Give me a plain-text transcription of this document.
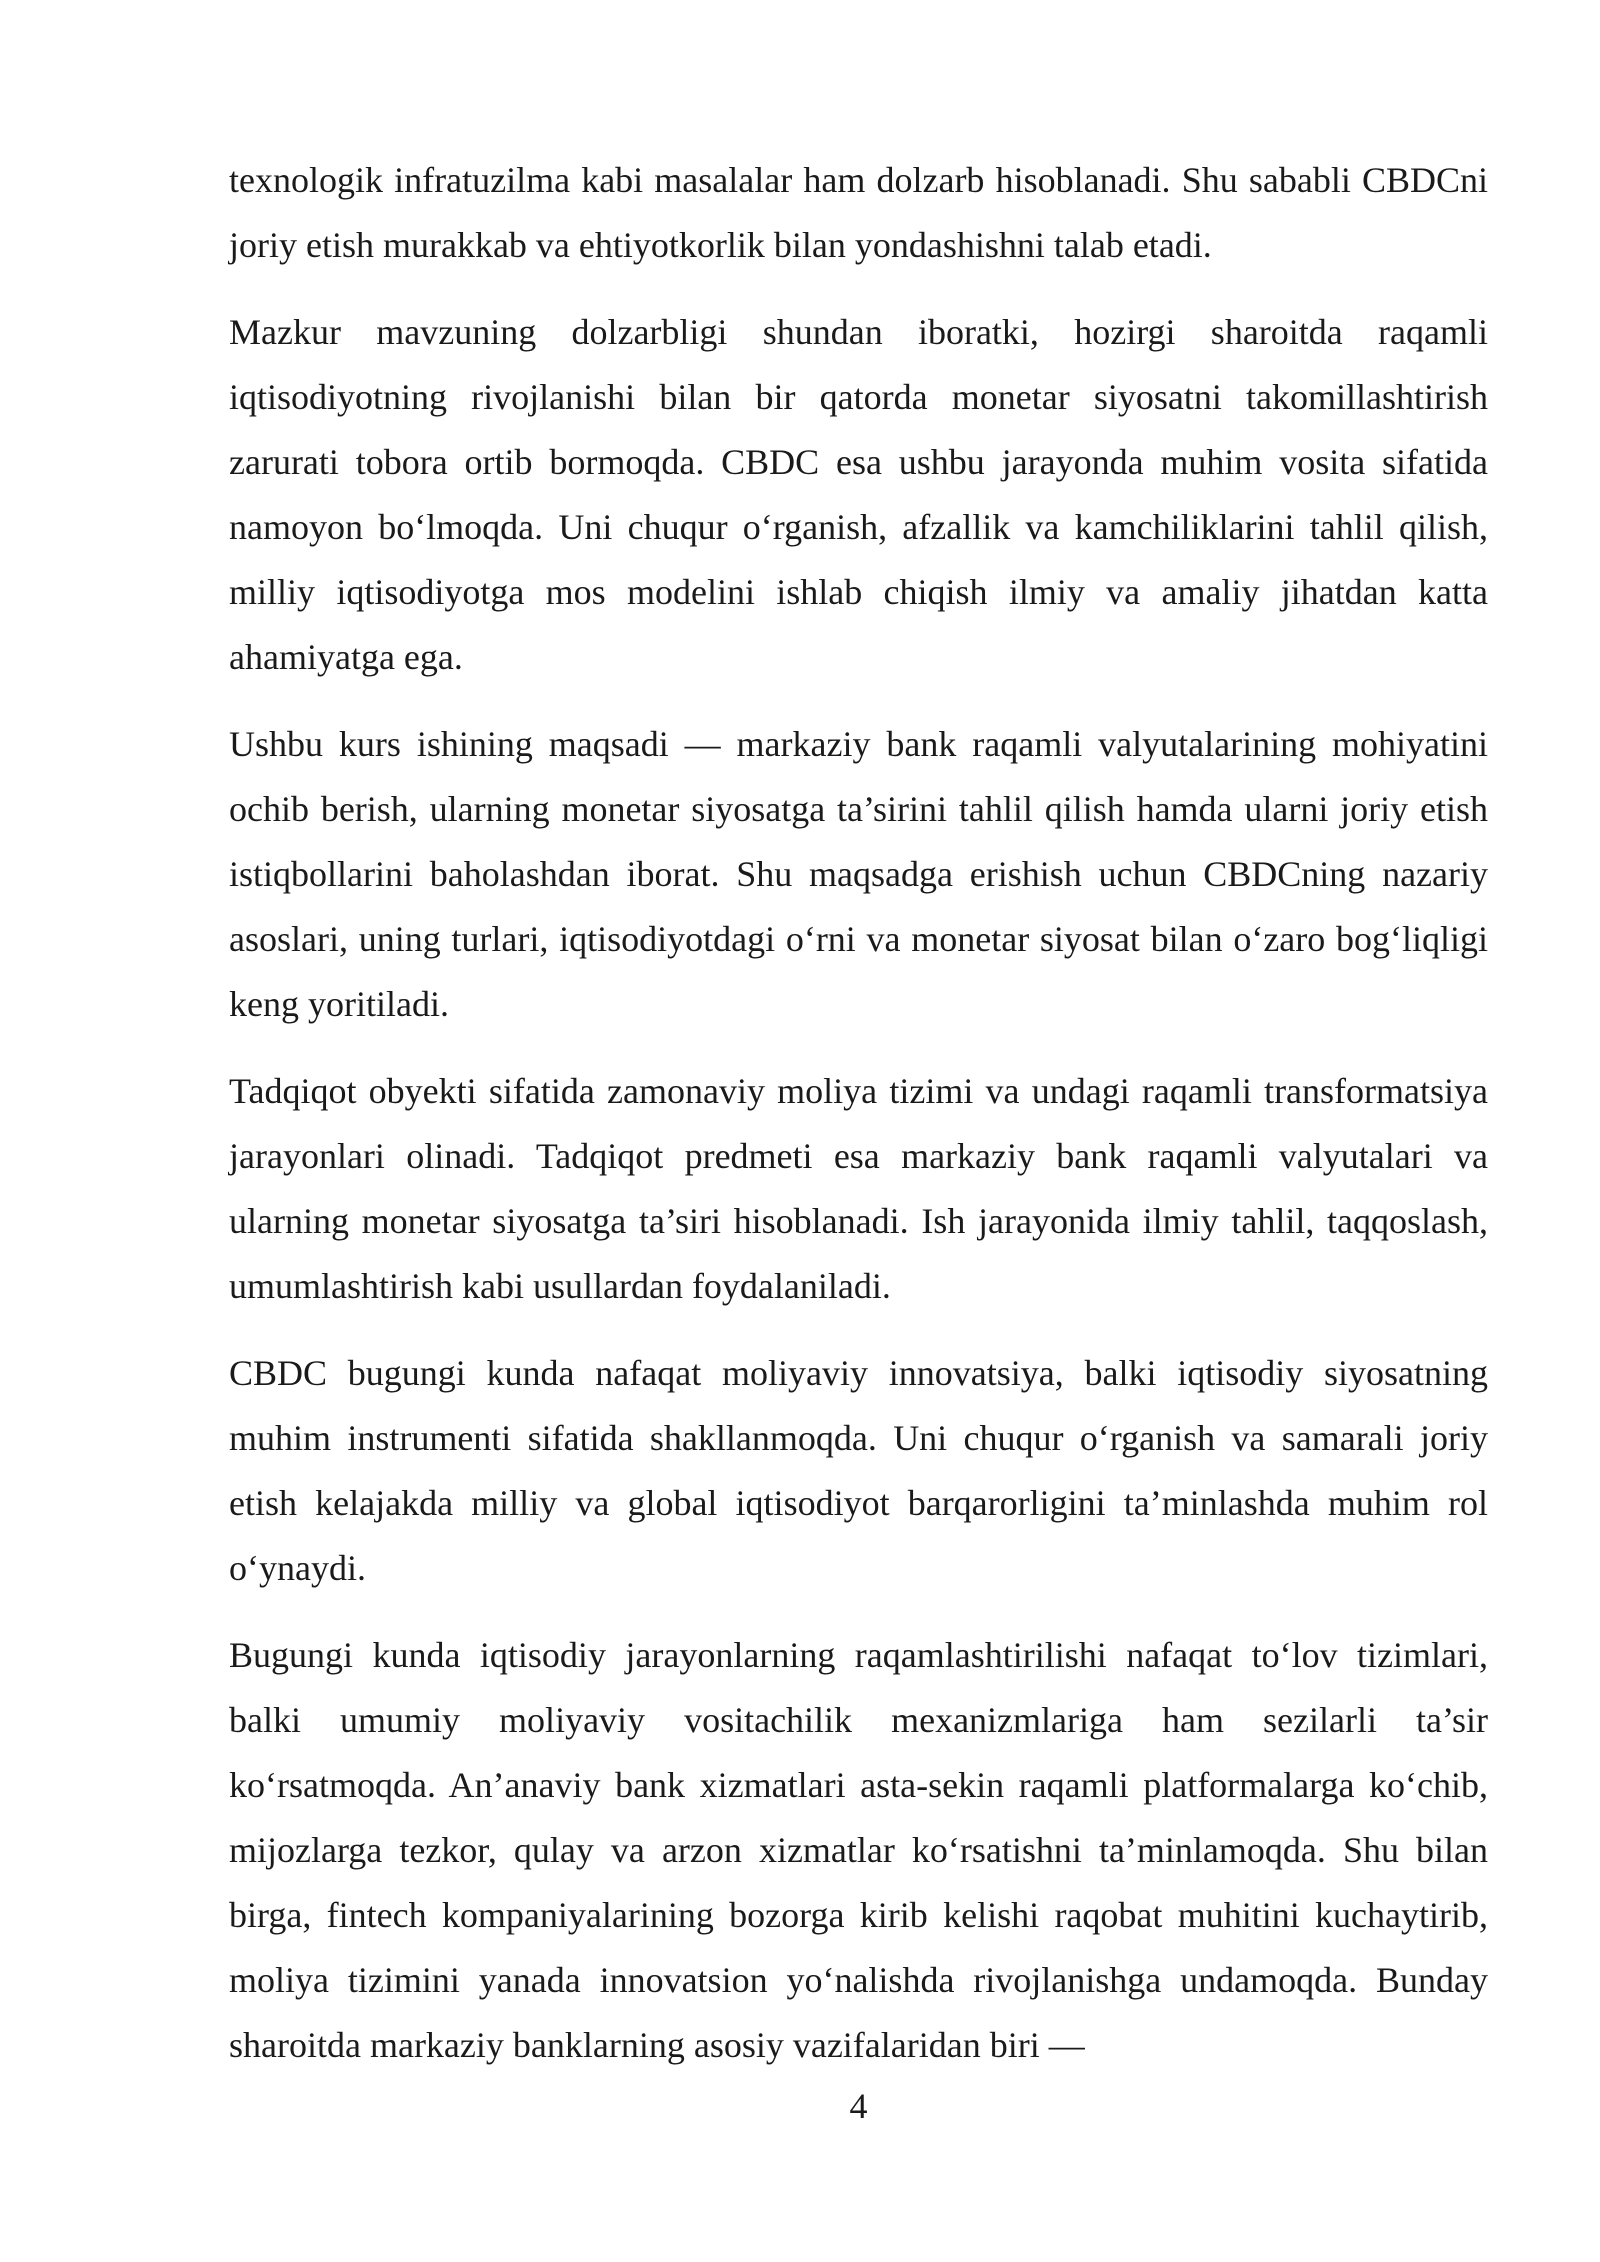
texnologik infratuzilma kabi masalalar ham dolzarb hisoblanadi. Shu sababli CBDCni joriy etish murakkab va ehtiyotkorlik bilan yondashishni talab etadi.

Mazkur mavzuning dolzarbligi shundan iboratki, hozirgi sharoitda raqamli iqtisodiyotning rivojlanishi bilan bir qatorda monetar siyosatni takomillashtirish zarurati tobora ortib bormoqda. CBDC esa ushbu jarayonda muhim vosita sifatida namoyon bo‘lmoqda. Uni chuqur o‘rganish, afzallik va kamchiliklarini tahlil qilish, milliy iqtisodiyotga mos modelini ishlab chiqish ilmiy va amaliy jihatdan katta ahamiyatga ega.

Ushbu kurs ishining maqsadi — markaziy bank raqamli valyutalarining mohiyatini ochib berish, ularning monetar siyosatga ta’sirini tahlil qilish hamda ularni joriy etish istiqbollarini baholashdan iborat. Shu maqsadga erishish uchun CBDCning nazariy asoslari, uning turlari, iqtisodiyotdagi o‘rni va monetar siyosat bilan o‘zaro bog‘liqligi keng yoritiladi.

Tadqiqot obyekti sifatida zamonaviy moliya tizimi va undagi raqamli transformatsiya jarayonlari olinadi. Tadqiqot predmeti esa markaziy bank raqamli valyutalari va ularning monetar siyosatga ta’siri hisoblanadi. Ish jarayonida ilmiy tahlil, taqqoslash, umumlashtirish kabi usullardan foydalaniladi.

CBDC bugungi kunda nafaqat moliyaviy innovatsiya, balki iqtisodiy siyosatning muhim instrumenti sifatida shakllanmoqda. Uni chuqur o‘rganish va samarali joriy etish kelajakda milliy va global iqtisodiyot barqarorligini ta’minlashda muhim rol o‘ynaydi.

Bugungi kunda iqtisodiy jarayonlarning raqamlashtirilishi nafaqat to‘lov tizimlari, balki umumiy moliyaviy vositachilik mexanizmlariga ham sezilarli ta’sir ko‘rsatmoqda. An’anaviy bank xizmatlari asta-sekin raqamli platformalarga ko‘chib, mijozlarga tezkor, qulay va arzon xizmatlar ko‘rsatishni ta’minlamoqda. Shu bilan birga, fintech kompaniyalarining bozorga kirib kelishi raqobat muhitini kuchaytirib, moliya tizimini yanada innovatsion yo‘nalishda rivojlanishga undamoqda. Bunday sharoitda markaziy banklarning asosiy vazifalaridan biri —

4
